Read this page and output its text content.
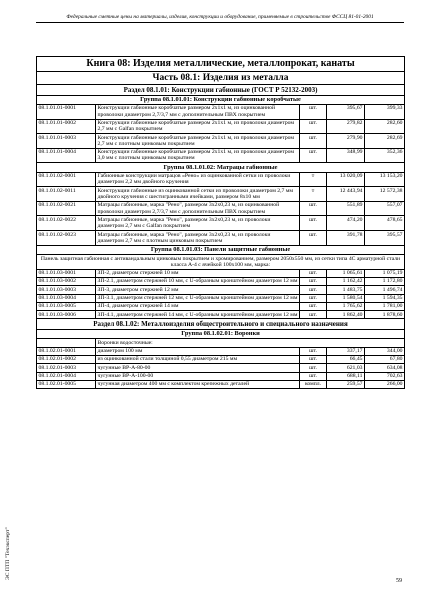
Федеральные сметные цены на материалы, изделия, конструкции и оборудование, применяемые в строительстве ФССЦ 81-01-2001
Книга 08: Изделия металлические, металлопрокат, канаты				
Часть 08.1: Изделия из металла				
Раздел 08.1.01: Конструкции габионные (ГОСТ Р 52132-2003)				
Группа 08.1.01.01: Конструкции габионные коробчатые				
08.1.01.01-0001	Конструкции габионные коробчатые размером 2х1х1 м, из оцинкованной проволоки диаметром 2,7/3,7 мм с дополнительным ПВХ покрытием	шт.	395,67	399,33
08.1.01.01-0002	Конструкции габионные коробчатые размером 2х1х1 м, из проволоки диаметром 2,7 мм с Galfan покрытием	шт.	279,82	282,60
08.1.01.01-0003	Конструкции габионные коробчатые размером 2х1х1 м, из проволоки диаметром 2,7 мм с плотным цинковым покрытием	шт.	279,90	282,69
08.1.01.01-0004	Конструкции габионные коробчатые размером 2х1х1 м, из проволоки диаметром 3,0 мм с плотным цинковым покрытием	шт.	348,99	352,36
Группа 08.1.01.02: Матрацы габионные				
08.1.01.02-0001	Габионные конструкции матрацов «Рено» из оцинкованной сетки из проволоки диаметром 2,2 мм двойного кручения	т	13 020,09	13 153,20
08.1.01.02-0011	Конструкции габионные из оцинкованной сетки из проволоки диаметром 2,7 мм двойного кручения с шестигранными ячейками, размером 8х10 мм	т	12 443,94	12 572,38
08.1.01.02-0021	Матрацы габионные, марка "Рено", размером 3х2х0,23 м, из оцинкованной проволоки диаметром 2,7/3,7 мм с дополнительным ПВХ покрытием	шт.	551,89	557,07
08.1.01.02-0022	Матрацы габионные, марка "Рено", размером 3х2х0,23 м, из проволоки диаметром 2,7 мм с Galfan покрытием	шт.	474,20	478,65
08.1.01.02-0023	Матрацы габионные, марка "Рено", размером 3х2х0,23 м, из проволоки диаметром 2,7 мм с плотным цинковым покрытием	шт.	391,78	395,57
Группа 08.1.01.03: Панели защитные габионные				
Панель защитная габионная с антивандальным цинковым покрытием и хромированием, размером 2050х550 мм, из сетки типа 4С арматурной стали класса А-4 с ячейкой 100х100 мм, марка:				
08.1.01.03-0001	ЗП-2, диаметром стержней 10 мм	шт.	1 065,61	1 075,19
08.1.01.03-0002	ЗП-2.1, диаметром стержней 10 мм, с U-образным кронштейном диаметром 12 мм	шт.	1 162,42	1 172,80
08.1.01.03-0003	ЗП-3, диаметром стержней 12 мм	шт.	1 483,75	1 496,74
08.1.01.03-0004	ЗП-3.1, диаметром стержней 12 мм, с U-образным кронштейном диаметром 12 мм	шт.	1 580,54	1 594,35
08.1.01.03-0005	ЗП-4, диаметром стержней 14 мм	шт.	1 765,62	1 781,00
08.1.01.03-0006	ЗП-4.1, диаметром стержней 14 мм, с U-образным кронштейном диаметром 12 мм	шт.	1 862,40	1 878,60
Раздел 08.1.02: Металлоизделия общестроительного и специального назначения				
Группа 08.1.02.01: Воронки				
	Воронки водосточные:			
08.1.02.01-0001	диаметром 100 мм	шт.	337,17	344,00
08.1.02.01-0002	из оцинкованной стали толщиной 0,55 диаметром 215 мм	шт.	66,45	67,80
08.1.02.01-0003	чугунные ВР-А-80-00	шт.	621,03	634,08
08.1.02.01-0004	чугунные ВР-А-100-00	шт.	688,11	702,63
08.1.02.01-0005	чугунная диаметром 400 мм с комплектом крепежных деталей	компл.	259,57	266,00
ЭС ПТП "Техэксперт"
59
